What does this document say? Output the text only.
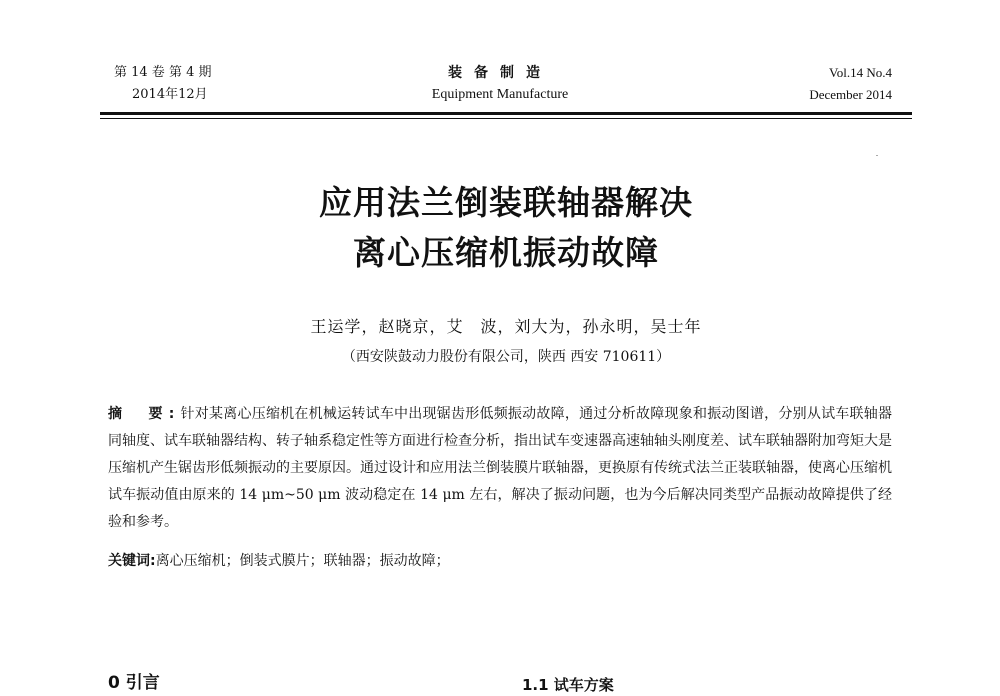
第 14 卷 第 4 期
2014年12月
装备制造
Equipment Manufacture
Vol.14 No.4
December 2014
应用法兰倒装联轴器解决
离心压缩机振动故障
王运学，赵晓京，艾　波，刘大为，孙永明，吴士年
（西安陕鼓动力股份有限公司，陕西 西安 710611）
摘　要:针对某离心压缩机在机械运转试车中出现锯齿形低频振动故障，通过分析故障现象和振动图谱，分别从试车联轴器同轴度、试车联轴器结构、转子轴系稳定性等方面进行检查分析，指出试车变速器高速轴轴头刚度差、试车联轴器附加弯矩大是压缩机产生锯齿形低频振动的主要原因。通过设计和应用法兰倒装膜片联轴器，更换原有传统式法兰正装联轴器，使离心压缩机试车振动值由原来的 14 μm~50 μm 波动稳定在 14 μm 左右，解决了振动问题，也为今后解决同类型产品振动故障提供了经验和参考。
关键词:离心压缩机；倒装式膜片；联轴器；振动故障；
0 引言	1.1 试车方案
